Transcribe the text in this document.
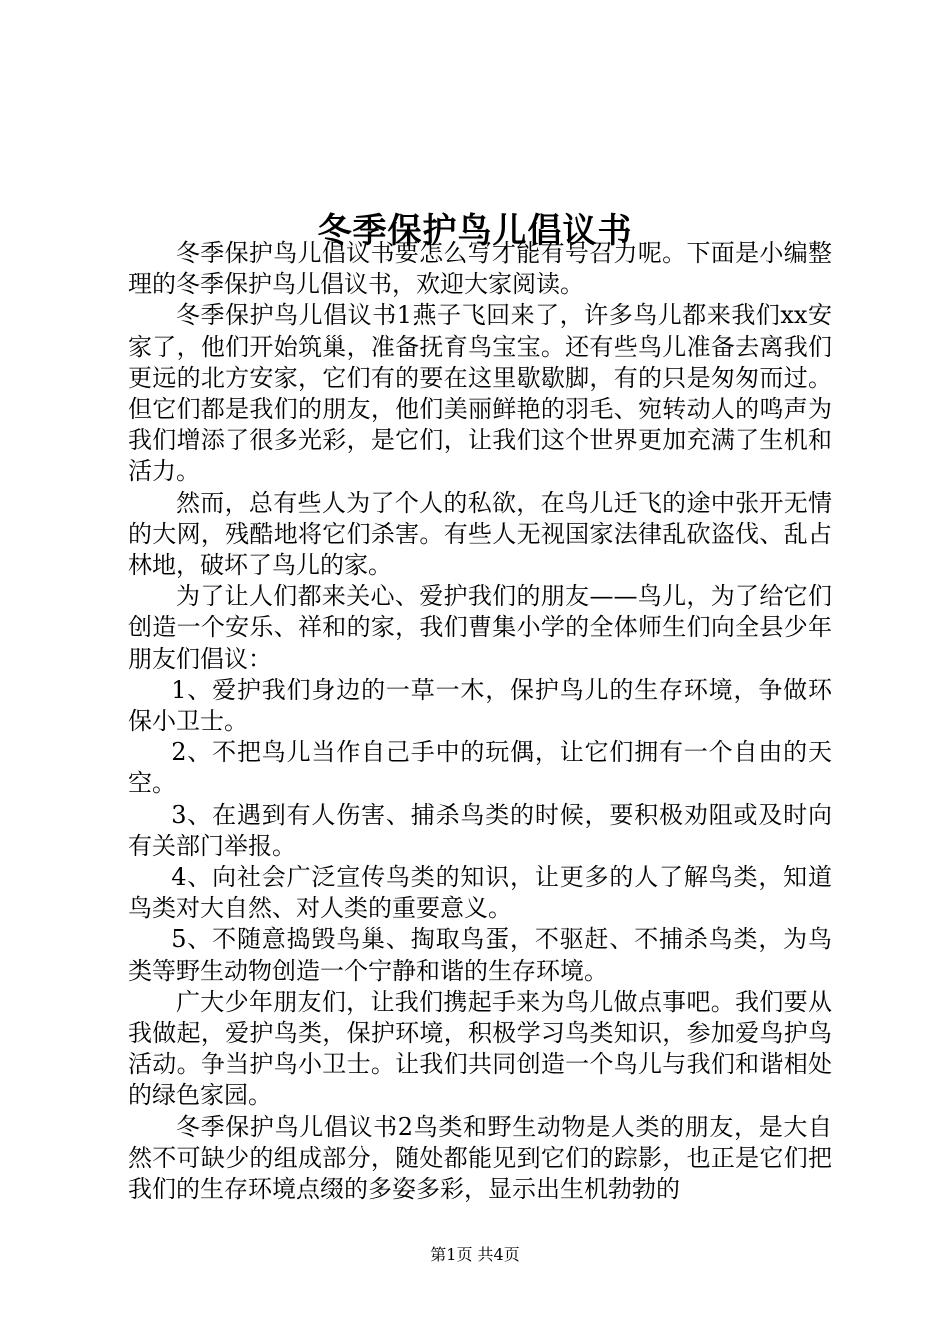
冬季保护鸟儿倡议书

冬季保护鸟儿倡议书要怎么写才能有号召力呢。下面是小编整理的冬季保护鸟儿倡议书，欢迎大家阅读。

冬季保护鸟儿倡议书1燕子飞回来了，许多鸟儿都来我们xx安家了，他们开始筑巢，准备抚育鸟宝宝。还有些鸟儿准备去离我们更远的北方安家，它们有的要在这里歇歇脚，有的只是匆匆而过。但它们都是我们的朋友，他们美丽鲜艳的羽毛、宛转动人的鸣声为我们增添了很多光彩，是它们，让我们这个世界更加充满了生机和活力。

然而，总有些人为了个人的私欲，在鸟儿迁飞的途中张开无情的大网，残酷地将它们杀害。有些人无视国家法律乱砍盗伐、乱占林地，破坏了鸟儿的家。

为了让人们都来关心、爱护我们的朋友——鸟儿，为了给它们创造一个安乐、祥和的家，我们曹集小学的全体师生们向全县少年朋友们倡议：

1、爱护我们身边的一草一木，保护鸟儿的生存环境，争做环保小卫士。

2、不把鸟儿当作自己手中的玩偶，让它们拥有一个自由的天空。

3、在遇到有人伤害、捕杀鸟类的时候，要积极劝阻或及时向有关部门举报。

4、向社会广泛宣传鸟类的知识，让更多的人了解鸟类，知道鸟类对大自然、对人类的重要意义。

5、不随意捣毁鸟巢、掏取鸟蛋，不驱赶、不捕杀鸟类，为鸟类等野生动物创造一个宁静和谐的生存环境。

广大少年朋友们，让我们携起手来为鸟儿做点事吧。我们要从我做起，爱护鸟类，保护环境，积极学习鸟类知识，参加爱鸟护鸟活动。争当护鸟小卫士。让我们共同创造一个鸟儿与我们和谐相处的绿色家园。

冬季保护鸟儿倡议书2鸟类和野生动物是人类的朋友，是大自然不可缺少的组成部分，随处都能见到它们的踪影，也正是它们把我们的生存环境点缀的多姿多彩，显示出生机勃勃的

第1页 共4页
